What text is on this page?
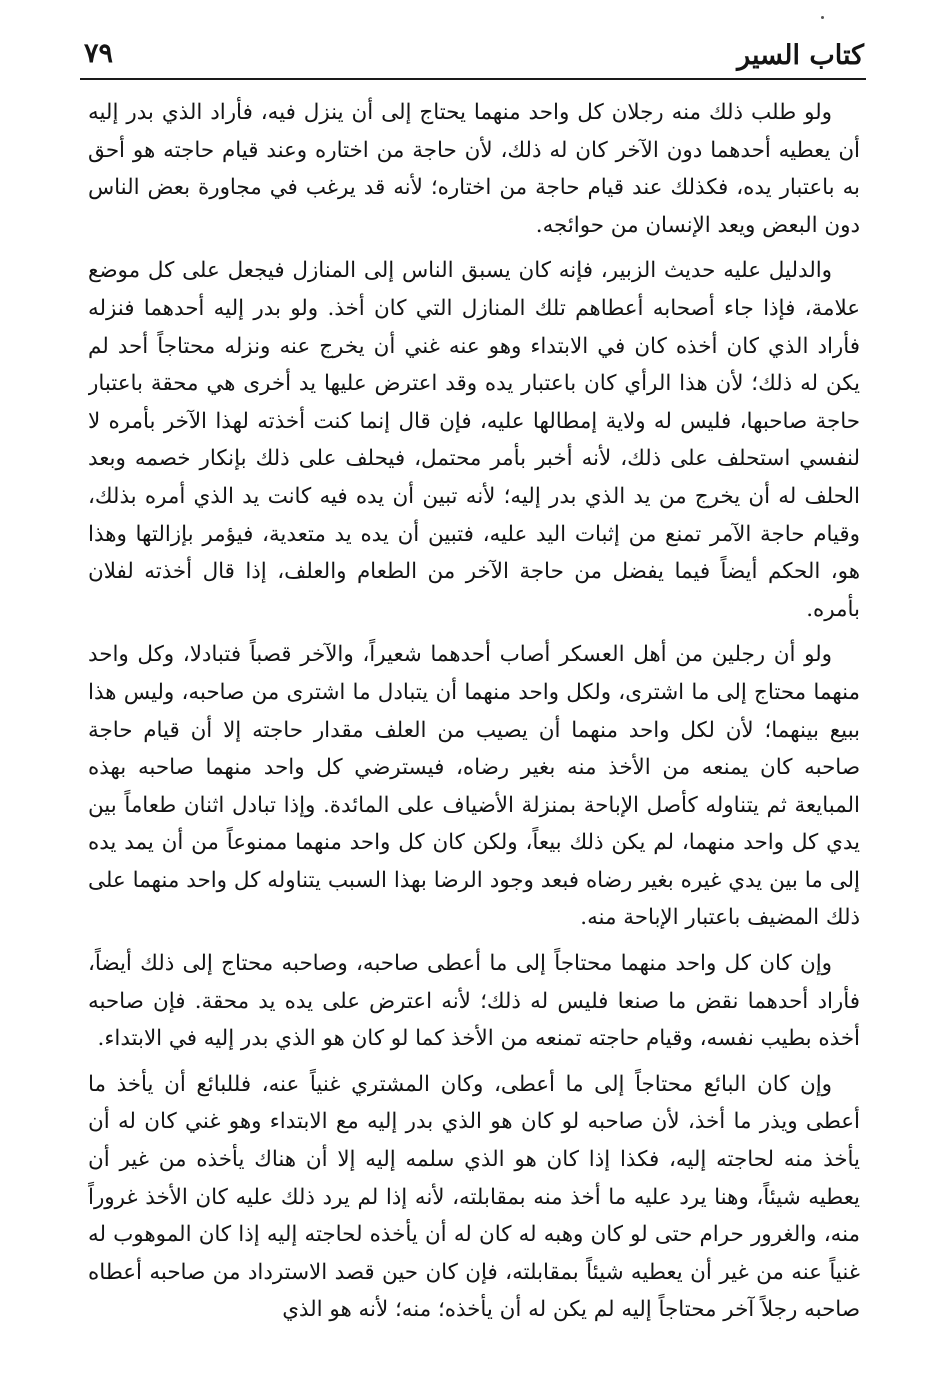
كتاب السير
٧٩

ولو طلب ذلك منه رجلان كل واحد منهما يحتاج إلى أن ينزل فيه، فأراد الذي بدر إليه أن يعطيه أحدهما دون الآخر كان له ذلك، لأن حاجة من اختاره وعند قيام حاجته هو أحق به باعتبار يده، فكذلك عند قيام حاجة من اختاره؛ لأنه قد يرغب في مجاورة بعض الناس دون البعض ويعد الإنسان من حوائجه.

والدليل عليه حديث الزبير، فإنه كان يسبق الناس إلى المنازل فيجعل على كل موضع علامة، فإذا جاء أصحابه أعطاهم تلك المنازل التي كان أخذ. ولو بدر إليه أحدهما فنزله فأراد الذي كان أخذه كان في الابتداء وهو عنه غني أن يخرج عنه ونزله محتاجاً أحد لم يكن له ذلك؛ لأن هذا الرأي كان باعتبار يده وقد اعترض عليها يد أخرى هي محقة باعتبار حاجة صاحبها، فليس له ولاية إمطالها عليه، فإن قال إنما كنت أخذته لهذا الآخر بأمره لا لنفسي استحلف على ذلك، لأنه أخبر بأمر محتمل، فيحلف على ذلك بإنكار خصمه وبعد الحلف له أن يخرج من يد الذي بدر إليه؛ لأنه تبين أن يده فيه كانت يد الذي أمره بذلك، وقيام حاجة الآمر تمنع من إثبات اليد عليه، فتبين أن يده يد متعدية، فيؤمر بإزالتها وهذا هو، الحكم أيضاً فيما يفضل من حاجة الآخر من الطعام والعلف، إذا قال أخذته لفلان بأمره.

ولو أن رجلين من أهل العسكر أصاب أحدهما شعيراً، والآخر قصباً فتبادلا، وكل واحد منهما محتاج إلى ما اشترى، ولكل واحد منهما أن يتبادل ما اشترى من صاحبه، وليس هذا ببيع بينهما؛ لأن لكل واحد منهما أن يصيب من العلف مقدار حاجته إلا أن قيام حاجة صاحبه كان يمنعه من الأخذ منه بغير رضاه، فيسترضي كل واحد منهما صاحبه بهذه المبايعة ثم يتناوله كأصل الإباحة بمنزلة الأضياف على المائدة. وإذا تبادل اثنان طعاماً بين يدي كل واحد منهما، لم يكن ذلك بيعاً، ولكن كان كل واحد منهما ممنوعاً من أن يمد يده إلى ما بين يدي غيره بغير رضاه فبعد وجود الرضا بهذا السبب يتناوله كل واحد منهما على ذلك المضيف باعتبار الإباحة منه.

وإن كان كل واحد منهما محتاجاً إلى ما أعطى صاحبه، وصاحبه محتاج إلى ذلك أيضاً، فأراد أحدهما نقض ما صنعا فليس له ذلك؛ لأنه اعترض على يده يد محقة. فإن صاحبه أخذه بطيب نفسه، وقيام حاجته تمنعه من الأخذ كما لو كان هو الذي بدر إليه في الابتداء.

وإن كان البائع محتاجاً إلى ما أعطى، وكان المشتري غنياً عنه، فللبائع أن يأخذ ما أعطى ويذر ما أخذ، لأن صاحبه لو كان هو الذي بدر إليه مع الابتداء وهو غني كان له أن يأخذ منه لحاجته إليه، فكذا إذا كان هو الذي سلمه إليه إلا أن هناك يأخذه من غير أن يعطيه شيئاً، وهنا يرد عليه ما أخذ منه بمقابلته، لأنه إذا لم يرد ذلك عليه كان الأخذ غروراً منه، والغرور حرام حتى لو كان وهبه له كان له أن يأخذه لحاجته إليه إذا كان الموهوب له غنياً عنه من غير أن يعطيه شيئاً بمقابلته، فإن كان حين قصد الاسترداد من صاحبه أعطاه صاحبه رجلاً آخر محتاجاً إليه لم يكن له أن يأخذه؛ منه؛ لأنه هو الذي
